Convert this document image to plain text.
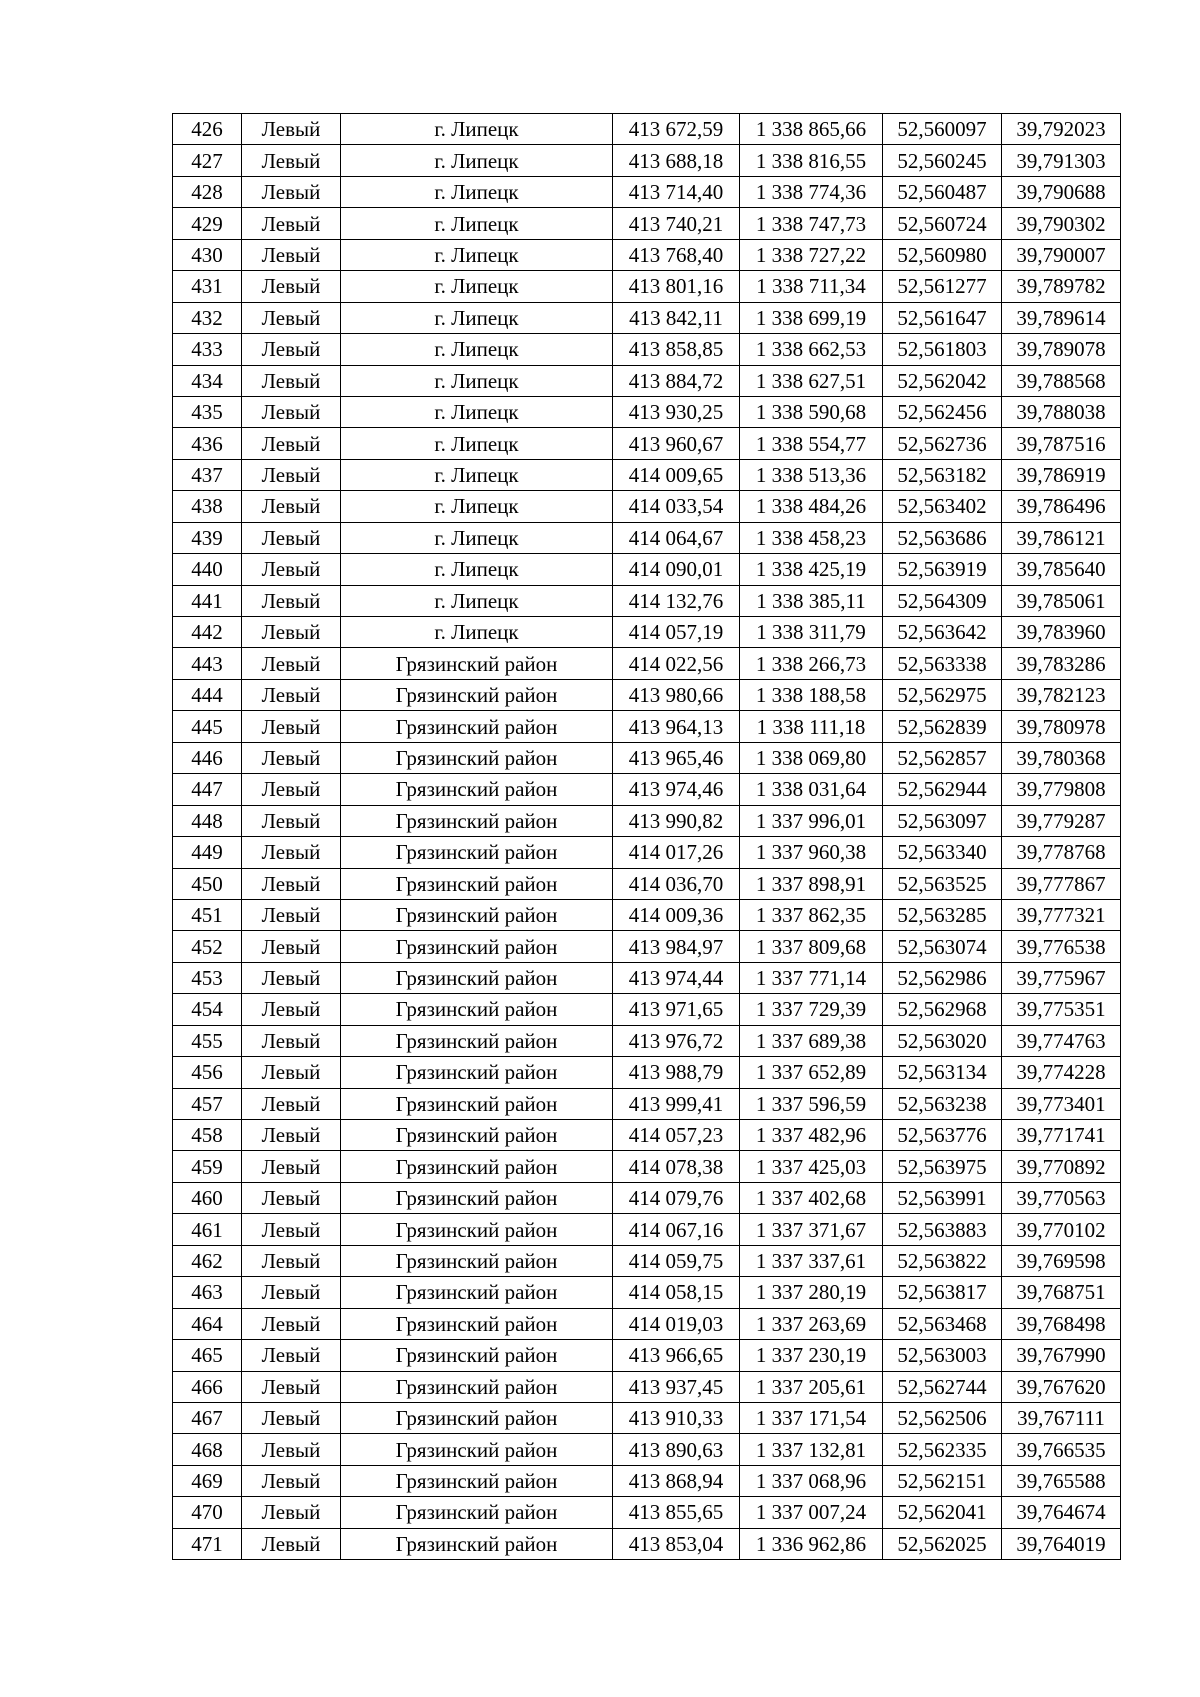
426	Левый	г. Липецк	413 672,59	1 338 865,66	52,560097	39,792023
427	Левый	г. Липецк	413 688,18	1 338 816,55	52,560245	39,791303
428	Левый	г. Липецк	413 714,40	1 338 774,36	52,560487	39,790688
429	Левый	г. Липецк	413 740,21	1 338 747,73	52,560724	39,790302
430	Левый	г. Липецк	413 768,40	1 338 727,22	52,560980	39,790007
431	Левый	г. Липецк	413 801,16	1 338 711,34	52,561277	39,789782
432	Левый	г. Липецк	413 842,11	1 338 699,19	52,561647	39,789614
433	Левый	г. Липецк	413 858,85	1 338 662,53	52,561803	39,789078
434	Левый	г. Липецк	413 884,72	1 338 627,51	52,562042	39,788568
435	Левый	г. Липецк	413 930,25	1 338 590,68	52,562456	39,788038
436	Левый	г. Липецк	413 960,67	1 338 554,77	52,562736	39,787516
437	Левый	г. Липецк	414 009,65	1 338 513,36	52,563182	39,786919
438	Левый	г. Липецк	414 033,54	1 338 484,26	52,563402	39,786496
439	Левый	г. Липецк	414 064,67	1 338 458,23	52,563686	39,786121
440	Левый	г. Липецк	414 090,01	1 338 425,19	52,563919	39,785640
441	Левый	г. Липецк	414 132,76	1 338 385,11	52,564309	39,785061
442	Левый	г. Липецк	414 057,19	1 338 311,79	52,563642	39,783960
443	Левый	Грязинский район	414 022,56	1 338 266,73	52,563338	39,783286
444	Левый	Грязинский район	413 980,66	1 338 188,58	52,562975	39,782123
445	Левый	Грязинский район	413 964,13	1 338 111,18	52,562839	39,780978
446	Левый	Грязинский район	413 965,46	1 338 069,80	52,562857	39,780368
447	Левый	Грязинский район	413 974,46	1 338 031,64	52,562944	39,779808
448	Левый	Грязинский район	413 990,82	1 337 996,01	52,563097	39,779287
449	Левый	Грязинский район	414 017,26	1 337 960,38	52,563340	39,778768
450	Левый	Грязинский район	414 036,70	1 337 898,91	52,563525	39,777867
451	Левый	Грязинский район	414 009,36	1 337 862,35	52,563285	39,777321
452	Левый	Грязинский район	413 984,97	1 337 809,68	52,563074	39,776538
453	Левый	Грязинский район	413 974,44	1 337 771,14	52,562986	39,775967
454	Левый	Грязинский район	413 971,65	1 337 729,39	52,562968	39,775351
455	Левый	Грязинский район	413 976,72	1 337 689,38	52,563020	39,774763
456	Левый	Грязинский район	413 988,79	1 337 652,89	52,563134	39,774228
457	Левый	Грязинский район	413 999,41	1 337 596,59	52,563238	39,773401
458	Левый	Грязинский район	414 057,23	1 337 482,96	52,563776	39,771741
459	Левый	Грязинский район	414 078,38	1 337 425,03	52,563975	39,770892
460	Левый	Грязинский район	414 079,76	1 337 402,68	52,563991	39,770563
461	Левый	Грязинский район	414 067,16	1 337 371,67	52,563883	39,770102
462	Левый	Грязинский район	414 059,75	1 337 337,61	52,563822	39,769598
463	Левый	Грязинский район	414 058,15	1 337 280,19	52,563817	39,768751
464	Левый	Грязинский район	414 019,03	1 337 263,69	52,563468	39,768498
465	Левый	Грязинский район	413 966,65	1 337 230,19	52,563003	39,767990
466	Левый	Грязинский район	413 937,45	1 337 205,61	52,562744	39,767620
467	Левый	Грязинский район	413 910,33	1 337 171,54	52,562506	39,767111
468	Левый	Грязинский район	413 890,63	1 337 132,81	52,562335	39,766535
469	Левый	Грязинский район	413 868,94	1 337 068,96	52,562151	39,765588
470	Левый	Грязинский район	413 855,65	1 337 007,24	52,562041	39,764674
471	Левый	Грязинский район	413 853,04	1 336 962,86	52,562025	39,764019
